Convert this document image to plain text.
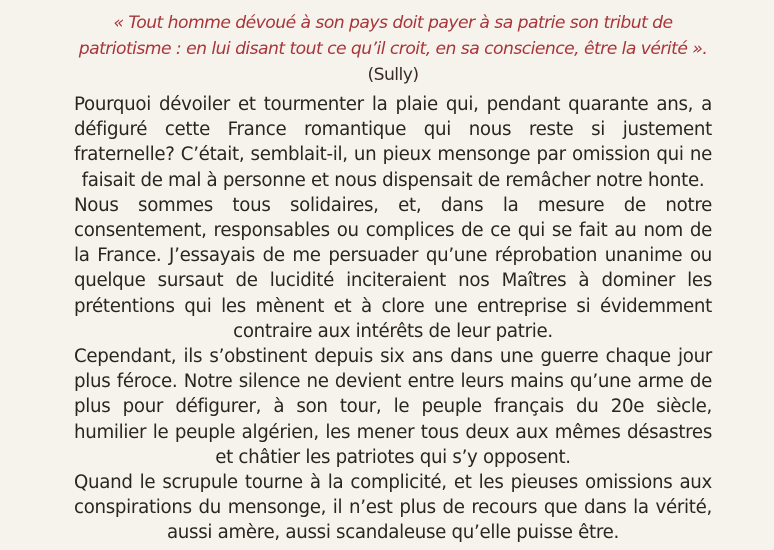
« Tout homme dévoué à son pays doit payer à sa patrie son tribut de patriotisme : en lui disant tout ce qu’il croit, en sa conscience, être la vérité ». (Sully)

Pourquoi dévoiler et tourmenter la plaie qui, pendant quarante ans, a défiguré cette France romantique qui nous reste si justement fraternelle? C’était, semblait-il, un pieux mensonge par omission qui ne faisait de mal à personne et nous dispensait de remâcher notre honte.

Nous sommes tous solidaires, et, dans la mesure de notre consentement, responsables ou complices de ce qui se fait au nom de la France. J’essayais de me persuader qu’une réprobation unanime ou quelque sursaut de lucidité inciteraient nos Maîtres à dominer les prétentions qui les mènent et à clore une entreprise si évidemment contraire aux intérêts de leur patrie.

Cependant, ils s’obstinent depuis six ans dans une guerre chaque jour plus féroce. Notre silence ne devient entre leurs mains qu’une arme de plus pour défigurer, à son tour, le peuple français du 20e siècle, humilier le peuple algérien, les mener tous deux aux mêmes désastres et châtier les patriotes qui s’y opposent.

Quand le scrupule tourne à la complicité, et les pieuses omissions aux conspirations du mensonge, il n’est plus de recours que dans la vérité, aussi amère, aussi scandaleuse qu’elle puisse être.
